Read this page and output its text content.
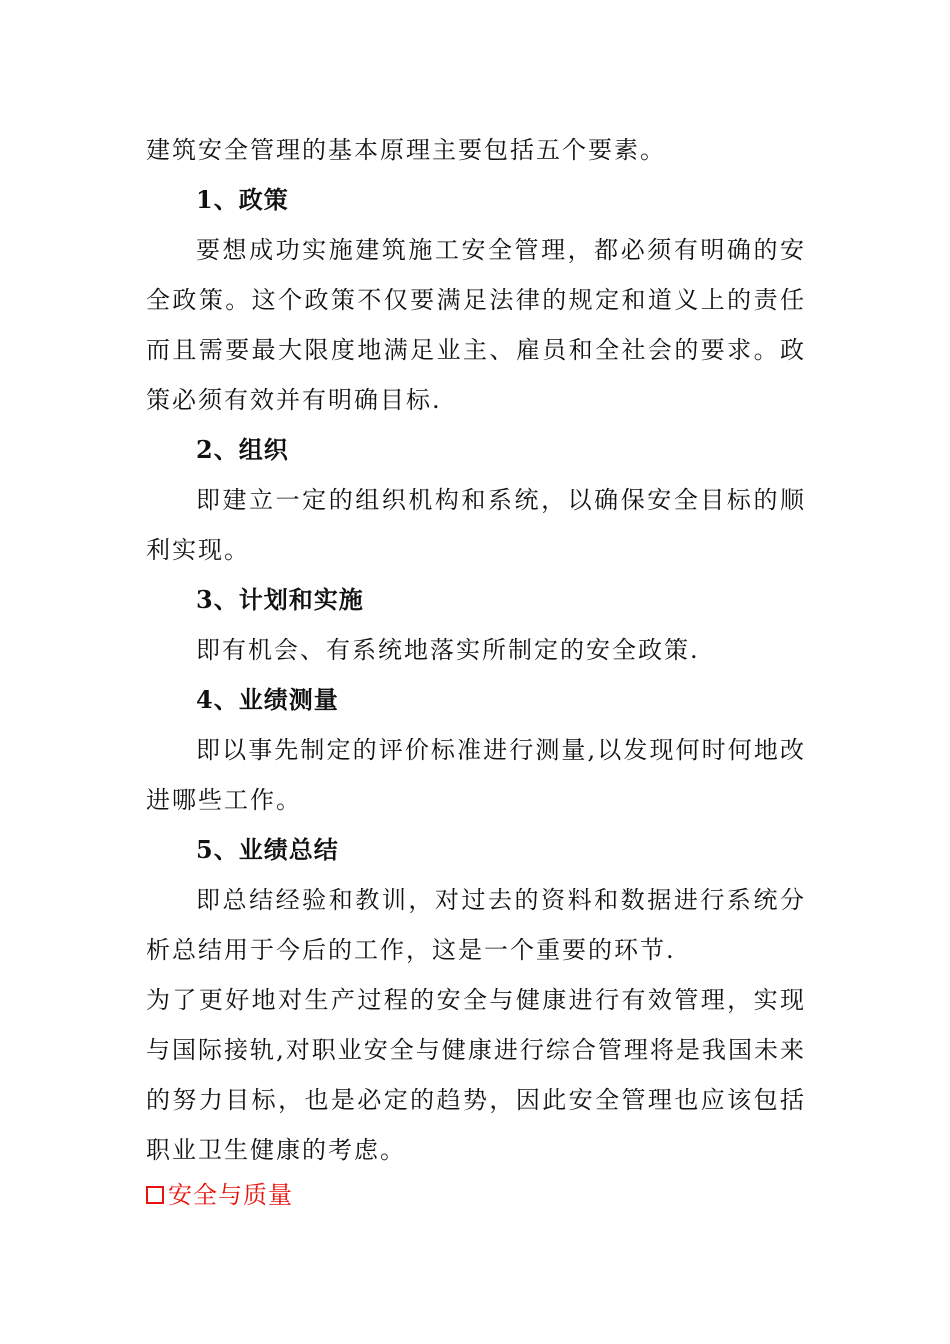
建筑安全管理的基本原理主要包括五个要素。
1、政策
要想成功实施建筑施工安全管理，都必须有明确的安
全政策。这个政策不仅要满足法律的规定和道义上的责任
而且需要最大限度地满足业主、雇员和全社会的要求。政
策必须有效并有明确目标.
2、组织
即建立一定的组织机构和系统，以确保安全目标的顺
利实现。
3、计划和实施
即有机会、有系统地落实所制定的安全政策.
4、业绩测量
即以事先制定的评价标准进行测量,以发现何时何地改
进哪些工作。
5、业绩总结
即总结经验和教训，对过去的资料和数据进行系统分
析总结用于今后的工作，这是一个重要的环节.
为了更好地对生产过程的安全与健康进行有效管理，实现
与国际接轨,对职业安全与健康进行综合管理将是我国未来
的努力目标，也是必定的趋势，因此安全管理也应该包括
职业卫生健康的考虑。
安全与质量
